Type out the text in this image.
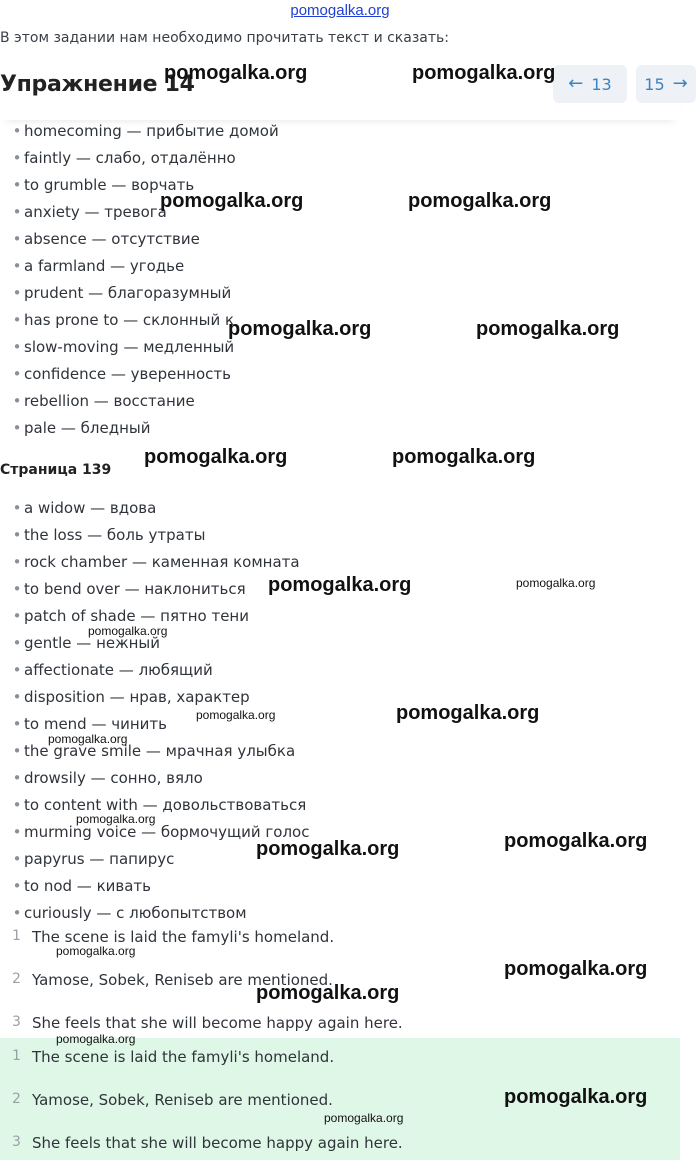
pomogalka.org
В этом задании нам необходимо прочитать текст и сказать:
Упражнение 14	← 13 15 →
• homecoming — прибытие домой
• faintly — слабо, отдалённо
• to grumble — ворчать
• anxiety — тревога
• absence — отсутствие
• a farmland — угодье
• prudent — благоразумный
• has prone to — склонный к
• slow-moving — медленный
• confidence — уверенность
• rebellion — восстание
• pale — бледный
Страница 139
• a widow — вдова
• the loss — боль утраты
• rock chamber — каменная комната
• to bend over — наклониться
• patch of shade — пятно тени
• gentle — нежный
• affectionate — любящий
• disposition — нрав, характер
• to mend — чинить
• the grave smile — мрачная улыбка
• drowsily — сонно, вяло
• to content with — довольствоваться
• murming voice — бормочущий голос
• papyrus — папирус
• to nod — кивать
• curiously — с любопытством
1 The scene is laid the famyli's homeland.
2 Yamose, Sobek, Reniseb are mentioned.
3 She feels that she will become happy again here.
1 The scene is laid the famyli's homeland.
2 Yamose, Sobek, Reniseb are mentioned.
3 She feels that she will become happy again here.
pomogalka.org	pomogalka.org
pomogalka.org	pomogalka.org
pomogalka.org	pomogalka.org
pomogalka.org	pomogalka.org
pomogalka.org	pomogalka.org
pomogalka.org
pomogalka.org	pomogalka.org
pomogalka.org
pomogalka.org
pomogalka.org
pomogalka.org
pomogalka.org
pomogalka.org
pomogalka.org
pomogalka.org
pomogalka.org
pomogalka.org
